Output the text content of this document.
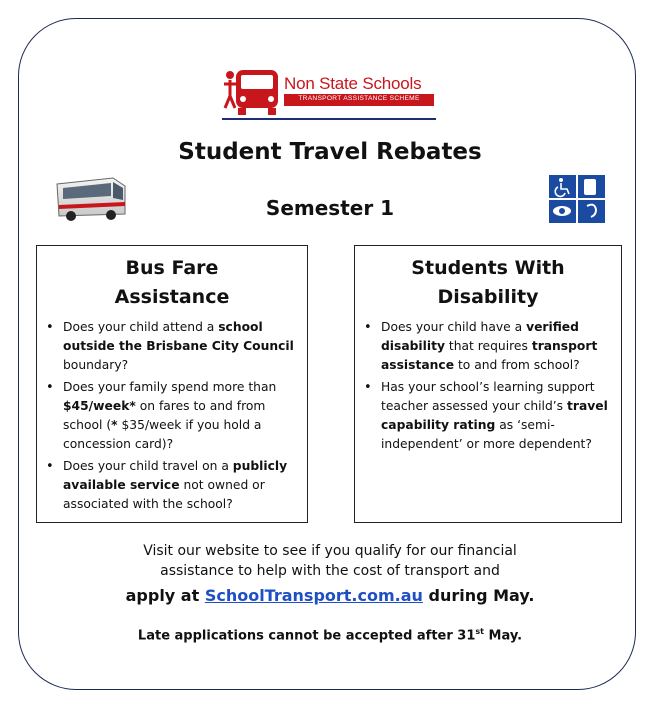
Non State Schools
TRANSPORT ASSISTANCE SCHEME
Student Travel Rebates
Semester 1
Bus Fare
Assistance
• Does your child attend a school outside the Brisbane City Council boundary?
• Does your family spend more than $45/week* on fares to and from school (* $35/week if you hold a concession card)?
• Does your child travel on a publicly available service not owned or associated with the school?
Students With
Disability
• Does your child have a verified disability that requires transport assistance to and from school?
• Has your school’s learning support teacher assessed your child’s travel capability rating as ‘semi-independent’ or more dependent?
Visit our website to see if you qualify for our financial
assistance to help with the cost of transport and
apply at SchoolTransport.com.au during May.
Late applications cannot be accepted after 31st May.
